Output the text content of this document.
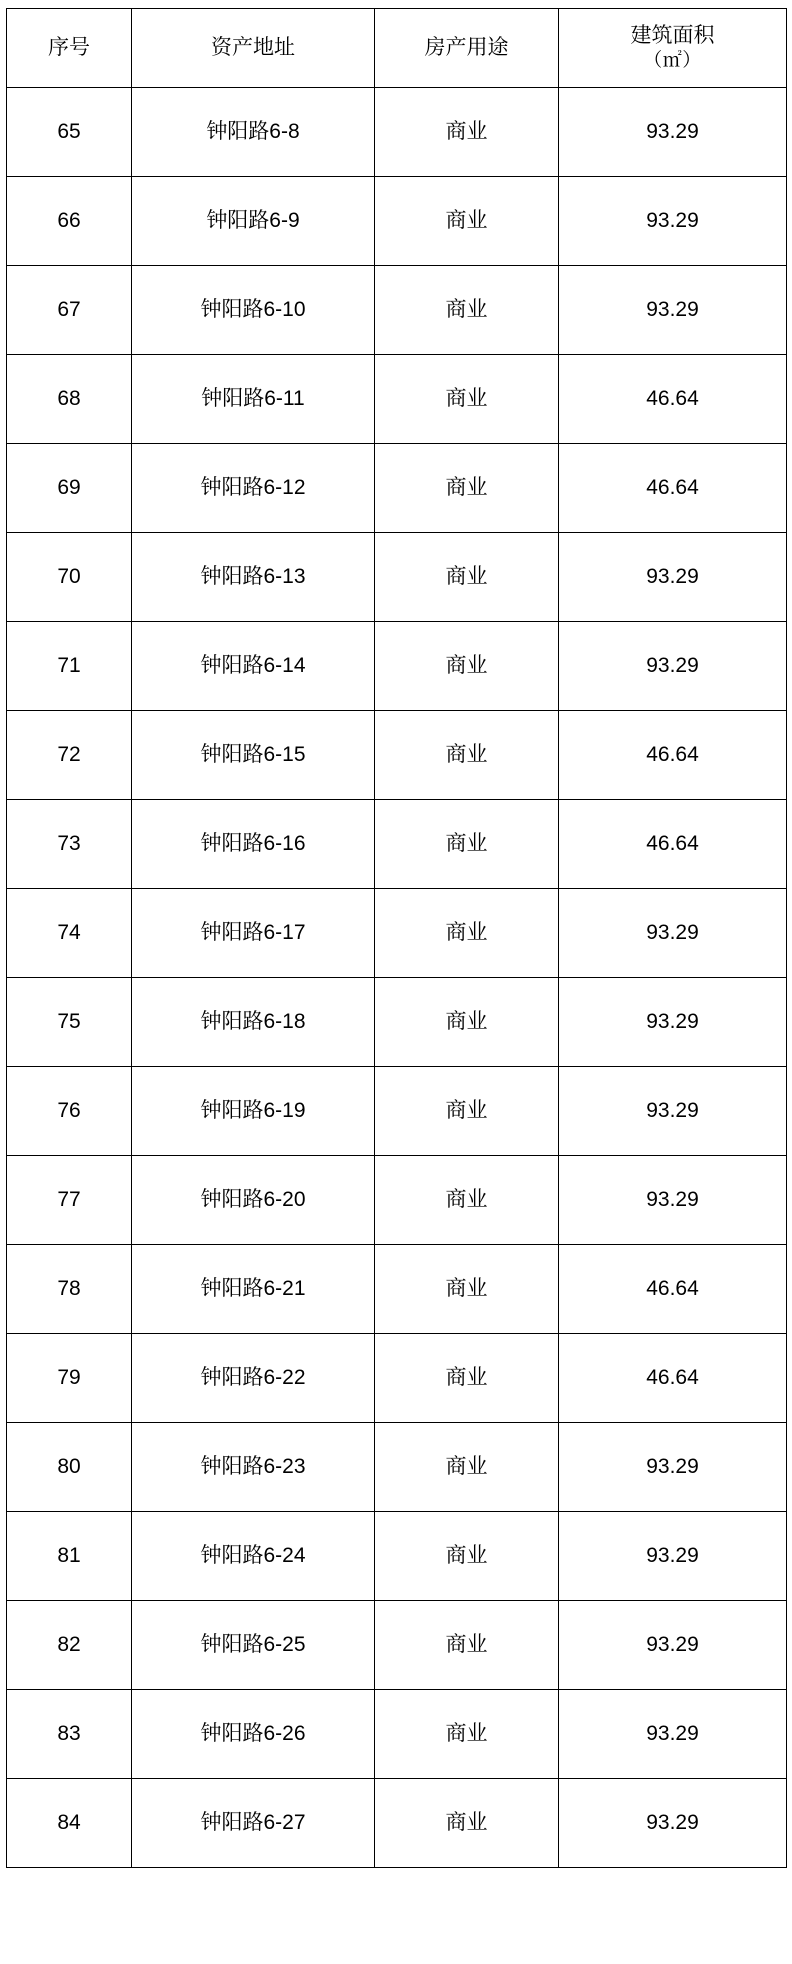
序号	资产地址	房产用途	建筑面积
（㎡）

65	钟阳路6-8	商业	93.29
66	钟阳路6-9	商业	93.29
67	钟阳路6-10	商业	93.29
68	钟阳路6-11	商业	46.64
69	钟阳路6-12	商业	46.64
70	钟阳路6-13	商业	93.29
71	钟阳路6-14	商业	93.29
72	钟阳路6-15	商业	46.64
73	钟阳路6-16	商业	46.64
74	钟阳路6-17	商业	93.29
75	钟阳路6-18	商业	93.29
76	钟阳路6-19	商业	93.29
77	钟阳路6-20	商业	93.29
78	钟阳路6-21	商业	46.64
79	钟阳路6-22	商业	46.64
80	钟阳路6-23	商业	93.29
81	钟阳路6-24	商业	93.29
82	钟阳路6-25	商业	93.29
83	钟阳路6-26	商业	93.29
84	钟阳路6-27	商业	93.29
